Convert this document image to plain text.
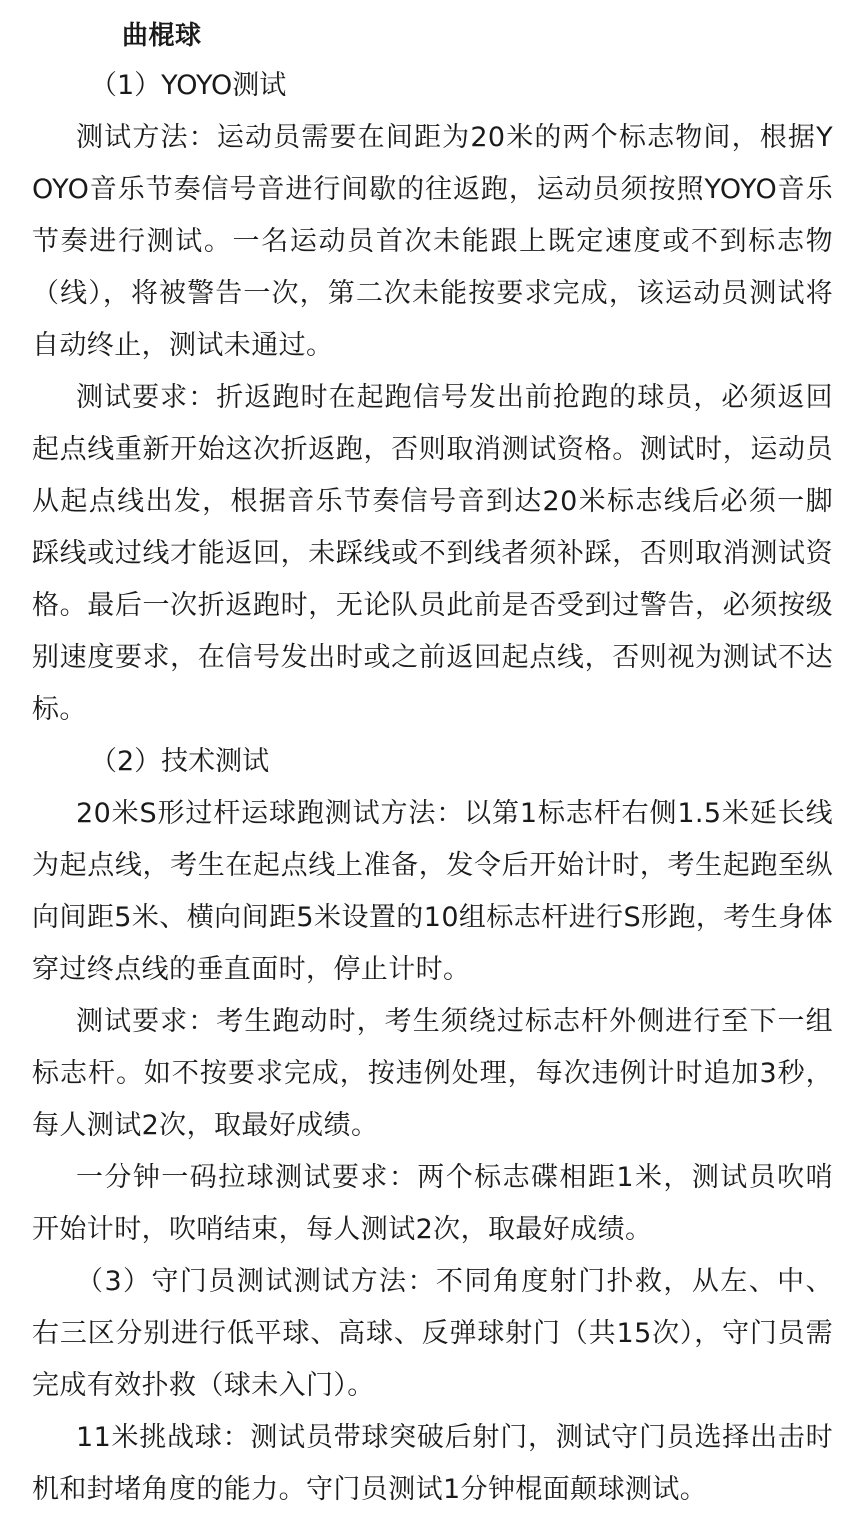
曲棍球

（1）YOYO测试

测试方法：运动员需要在间距为20米的两个标志物间，根据YOYO音乐节奏信号音进行间歇的往返跑，运动员须按照YOYO音乐节奏进行测试。一名运动员首次未能跟上既定速度或不到标志物（线），将被警告一次，第二次未能按要求完成，该运动员测试将自动终止，测试未通过。

测试要求：折返跑时在起跑信号发出前抢跑的球员，必须返回起点线重新开始这次折返跑，否则取消测试资格。测试时，运动员从起点线出发，根据音乐节奏信号音到达20米标志线后必须一脚踩线或过线才能返回，未踩线或不到线者须补踩，否则取消测试资格。最后一次折返跑时，无论队员此前是否受到过警告，必须按级别速度要求，在信号发出时或之前返回起点线，否则视为测试不达标。

（2）技术测试

20米S形过杆运球跑测试方法：以第1标志杆右侧1.5米延长线为起点线，考生在起点线上准备，发令后开始计时，考生起跑至纵向间距5米、横向间距5米设置的10组标志杆进行S形跑，考生身体穿过终点线的垂直面时，停止计时。

测试要求：考生跑动时，考生须绕过标志杆外侧进行至下一组标志杆。如不按要求完成，按违例处理，每次违例计时追加3秒，每人测试2次，取最好成绩。

一分钟一码拉球测试要求：两个标志碟相距1米，测试员吹哨开始计时，吹哨结束，每人测试2次，取最好成绩。

（3）守门员测试测试方法：不同角度射门扑救，从左、中、右三区分别进行低平球、高球、反弹球射门（共15次），守门员需完成有效扑救（球未入门）。

11米挑战球：测试员带球突破后射门，测试守门员选择出击时机和封堵角度的能力。守门员测试1分钟棍面颠球测试。
